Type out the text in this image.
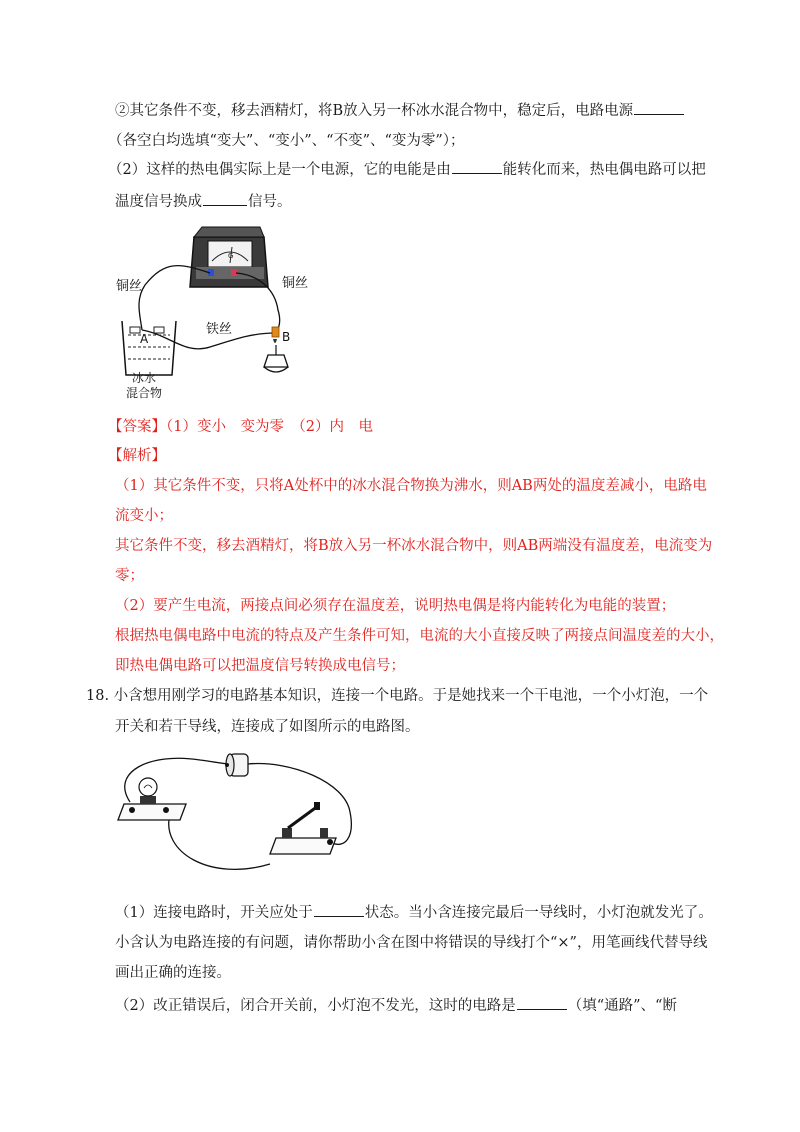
②其它条件不变，移去酒精灯，将B放入另一杯冰水混合物中，稳定后，电路电源
（各空白均选填“变大”、“变小”、“不变”、“变为零”）；
（2）这样的热电偶实际上是一个电源，它的电能是由	能转化而来，热电偶电路可以把
温度信号换成	信号。
G
A	B
铜丝	铜丝
铁丝
冰水
混合物
【答案】（1）变小　变为零　（2）内　电
【解析】
（1）其它条件不变，只将A处杯中的冰水混合物换为沸水，则AB两处的温度差减小，电路电
流变小；
其它条件不变，移去酒精灯，将B放入另一杯冰水混合物中，则AB两端没有温度差，电流变为
零；
（2）要产生电流，两接点间必须存在温度差，说明热电偶是将内能转化为电能的装置；
根据热电偶电路中电流的特点及产生条件可知，电流的大小直接反映了两接点间温度差的大小，
即热电偶电路可以把温度信号转换成电信号；
18. 小含想用刚学习的电路基本知识，连接一个电路。于是她找来一个干电池，一个小灯泡，一个
开关和若干导线，连接成了如图所示的电路图。
（1）连接电路时，开关应处于	状态。当小含连接完最后一导线时，小灯泡就发光了。
小含认为电路连接的有问题，请你帮助小含在图中将错误的导线打个“×”，用笔画线代替导线
画出正确的连接。
（2）改正错误后，闭合开关前，小灯泡不发光，这时的电路是	（填“通路”、“断
